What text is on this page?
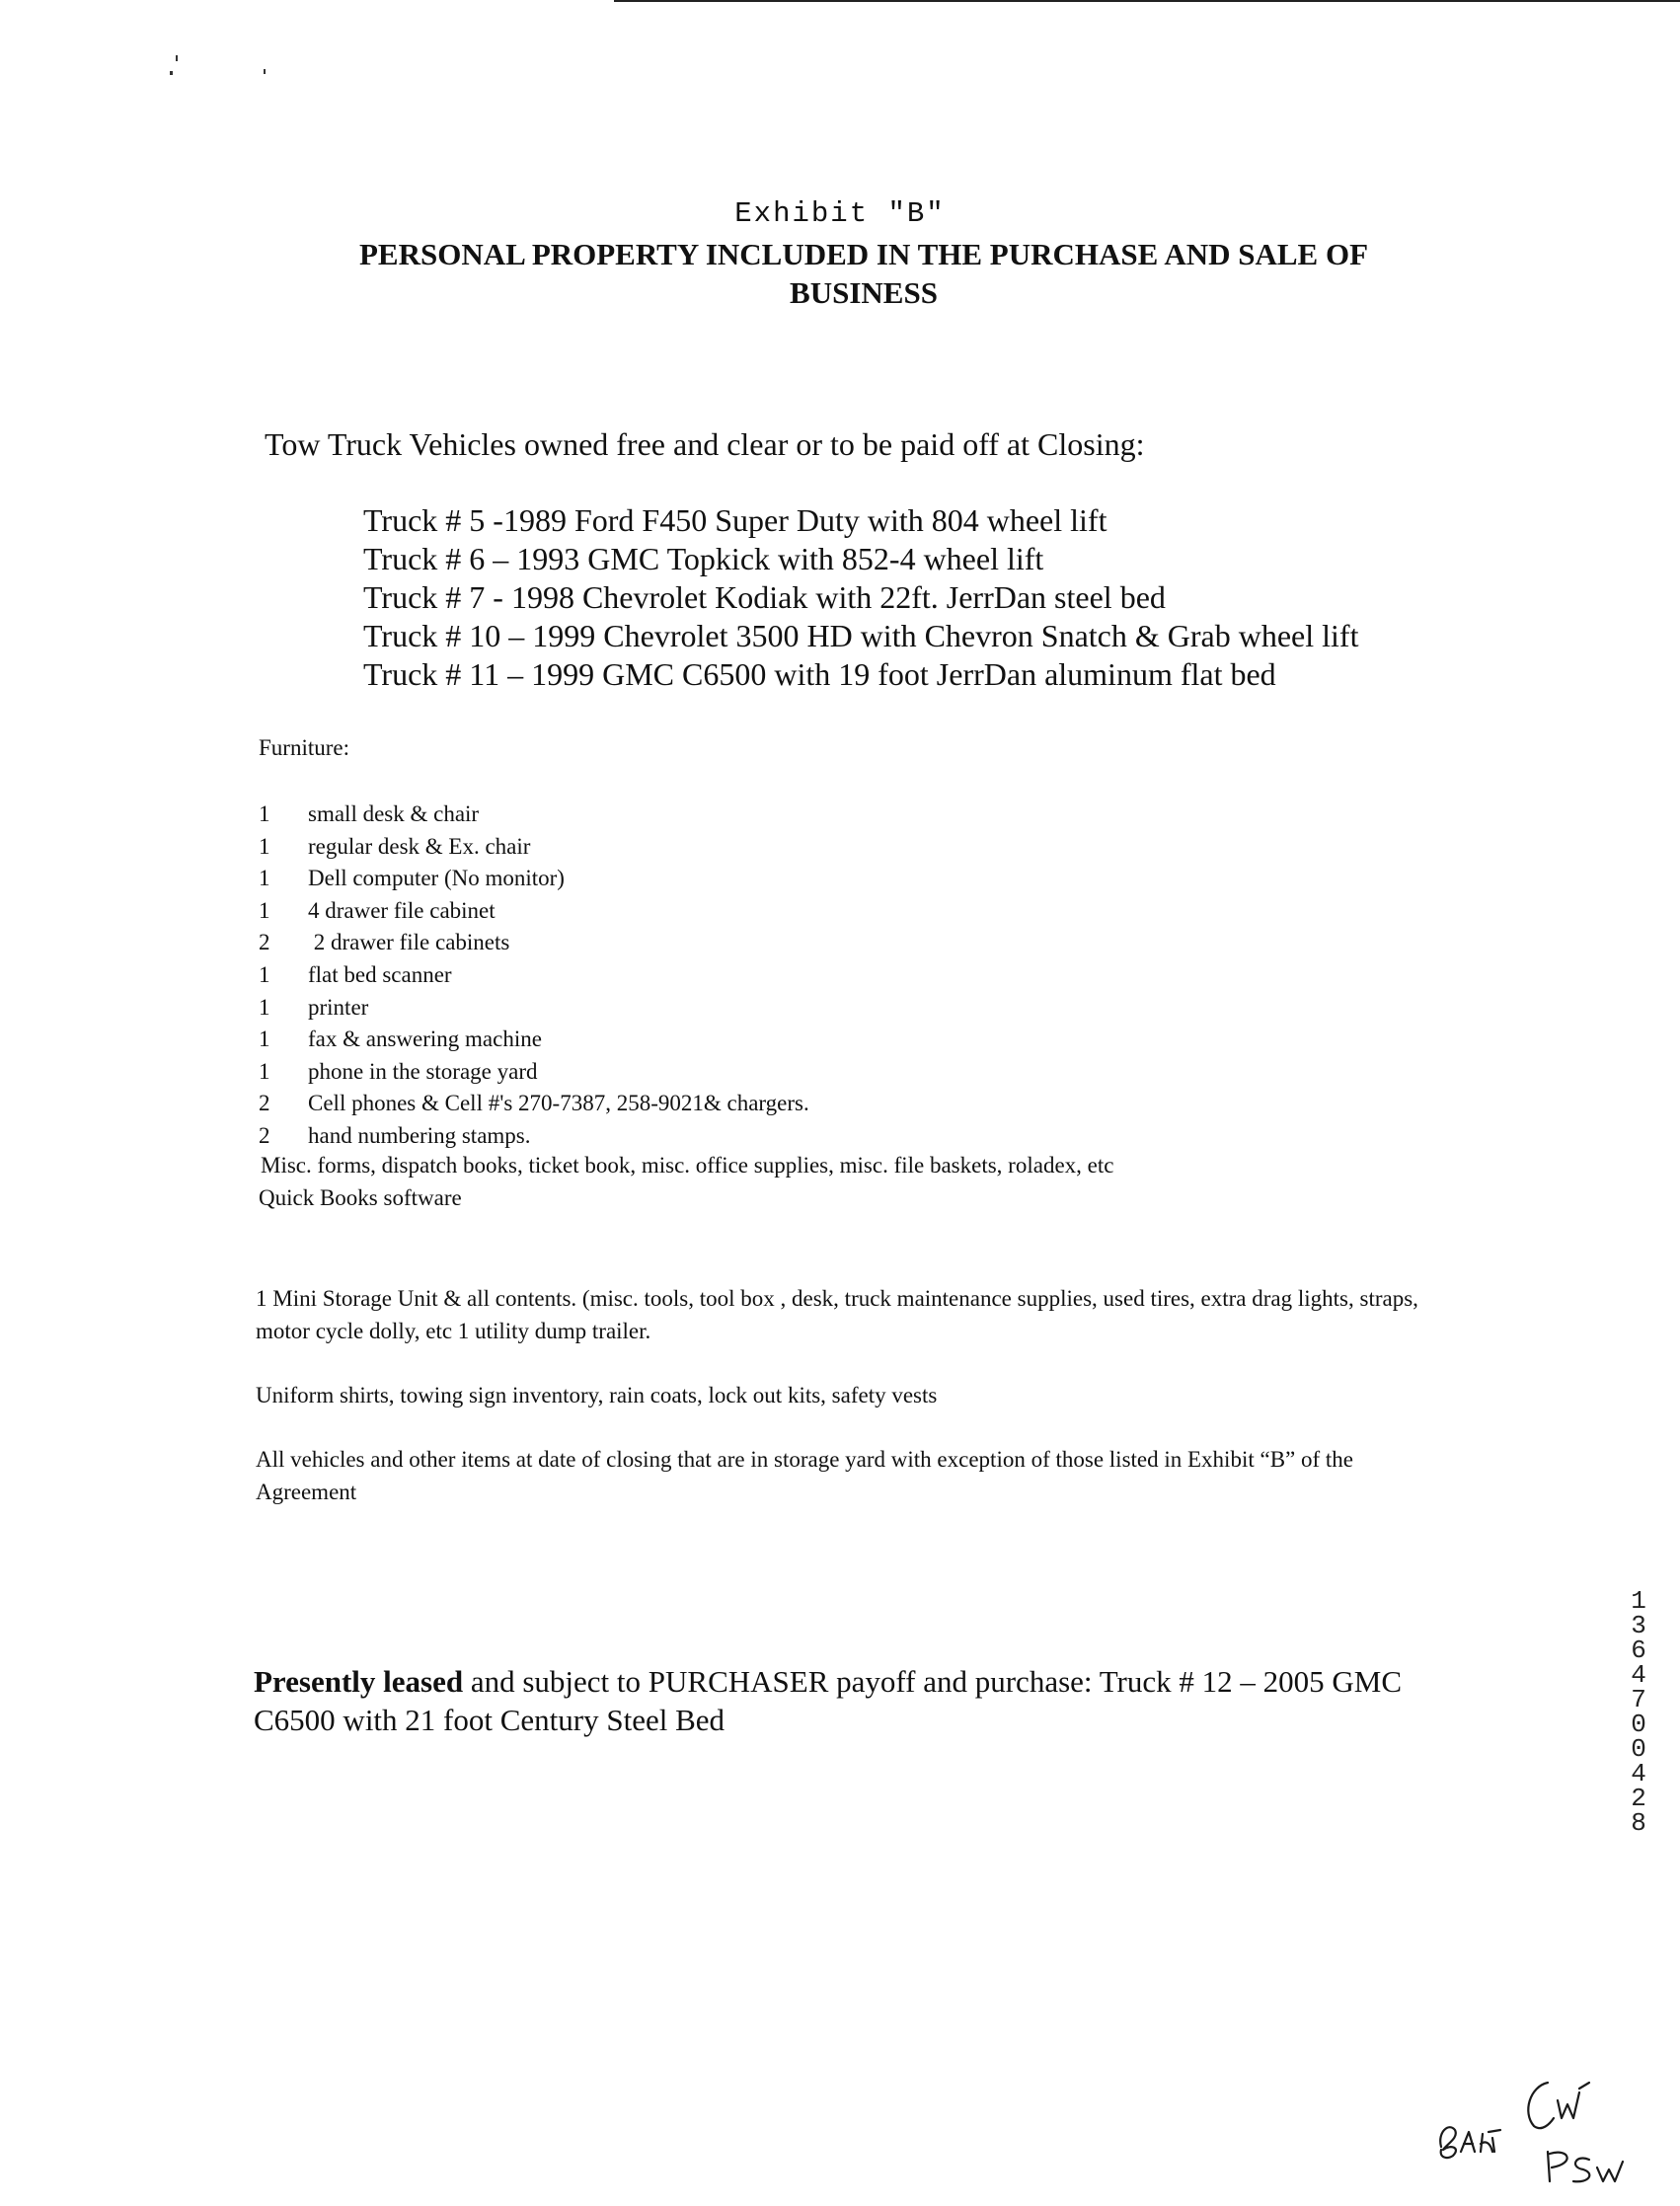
Exhibit "B"
PERSONAL PROPERTY INCLUDED IN THE PURCHASE AND SALE OF BUSINESS
Tow Truck Vehicles owned free and clear or to be paid off at Closing:
Truck # 5 -1989 Ford F450 Super Duty with 804 wheel lift
Truck # 6 – 1993 GMC Topkick with 852-4 wheel lift
Truck # 7 - 1998 Chevrolet Kodiak with 22ft. JerrDan steel bed
Truck # 10 – 1999 Chevrolet 3500 HD with Chevron Snatch & Grab wheel lift
Truck # 11 – 1999 GMC C6500 with 19 foot JerrDan aluminum flat bed
Furniture:
1	small desk & chair
1	regular desk & Ex. chair
1	Dell computer (No monitor)
1	4 drawer file cabinet
2	2 drawer file cabinets
1	flat bed scanner
1	printer
1	fax & answering machine
1	phone in the storage yard
2	Cell phones & Cell #'s 270-7387, 258-9021& chargers.
2	hand numbering stamps.
Misc. forms, dispatch books, ticket book, misc. office supplies, misc. file baskets, roladex, etc
Quick Books software
1 Mini Storage Unit & all contents. (misc. tools, tool box , desk, truck maintenance supplies, used tires, extra drag lights, straps, motor cycle dolly, etc 1 utility dump trailer.
Uniform shirts, towing sign inventory, rain coats, lock out kits, safety vests
All vehicles and other items at date of closing that are in storage yard with exception of those listed in Exhibit “B” of the Agreement
Presently leased and subject to PURCHASER payoff and purchase: Truck # 12 – 2005 GMC C6500 with 21 foot Century Steel Bed
13647 00428
